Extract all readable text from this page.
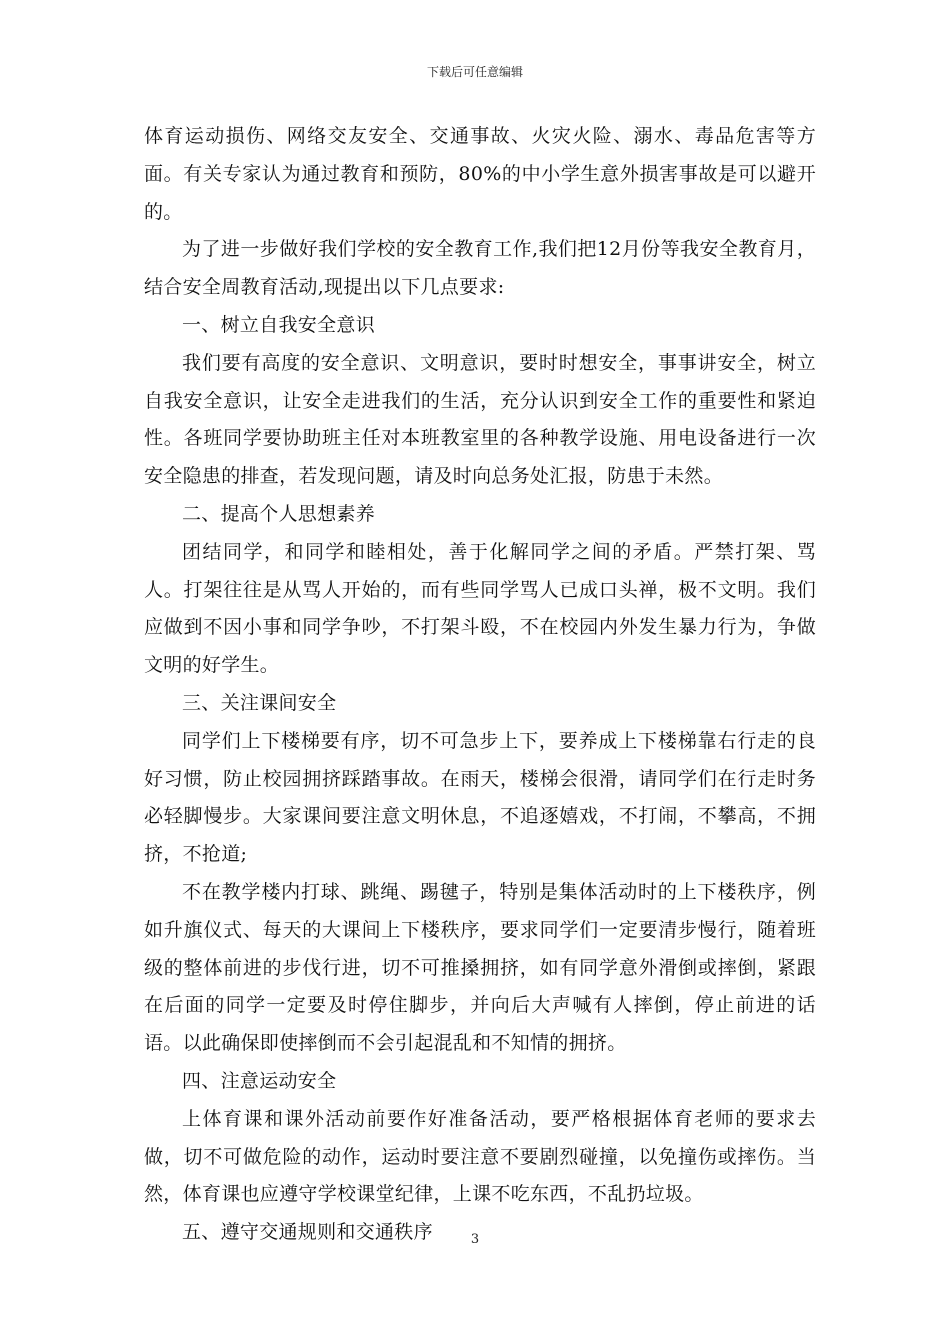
下载后可任意编辑

体育运动损伤、网络交友安全、交通事故、火灾火险、溺水、毒品危害等方面。有关专家认为通过教育和预防，80%的中小学生意外损害事故是可以避开的。

为了进一步做好我们学校的安全教育工作,我们把12月份等我安全教育月，结合安全周教育活动,现提出以下几点要求:

一、树立自我安全意识

我们要有高度的安全意识、文明意识，要时时想安全，事事讲安全，树立自我安全意识，让安全走进我们的生活，充分认识到安全工作的重要性和紧迫性。各班同学要协助班主任对本班教室里的各种教学设施、用电设备进行一次安全隐患的排查，若发现问题，请及时向总务处汇报，防患于未然。

二、提高个人思想素养

团结同学，和同学和睦相处，善于化解同学之间的矛盾。严禁打架、骂人。打架往往是从骂人开始的，而有些同学骂人已成口头禅，极不文明。我们应做到不因小事和同学争吵，不打架斗殴，不在校园内外发生暴力行为，争做文明的好学生。

三、关注课间安全

同学们上下楼梯要有序，切不可急步上下，要养成上下楼梯靠右行走的良好习惯，防止校园拥挤踩踏事故。在雨天，楼梯会很滑，请同学们在行走时务必轻脚慢步。大家课间要注意文明休息，不追逐嬉戏，不打闹，不攀高，不拥挤，不抢道;

不在教学楼内打球、跳绳、踢毽子，特别是集体活动时的上下楼秩序，例如升旗仪式、每天的大课间上下楼秩序，要求同学们一定要清步慢行，随着班级的整体前进的步伐行进，切不可推搡拥挤，如有同学意外滑倒或摔倒，紧跟在后面的同学一定要及时停住脚步，并向后大声喊有人摔倒，停止前进的话语。以此确保即使摔倒而不会引起混乱和不知情的拥挤。

四、注意运动安全

上体育课和课外活动前要作好准备活动，要严格根据体育老师的要求去做，切不可做危险的动作，运动时要注意不要剧烈碰撞，以免撞伤或摔伤。当然，体育课也应遵守学校课堂纪律，上课不吃东西，不乱扔垃圾。

五、遵守交通规则和交通秩序	3
